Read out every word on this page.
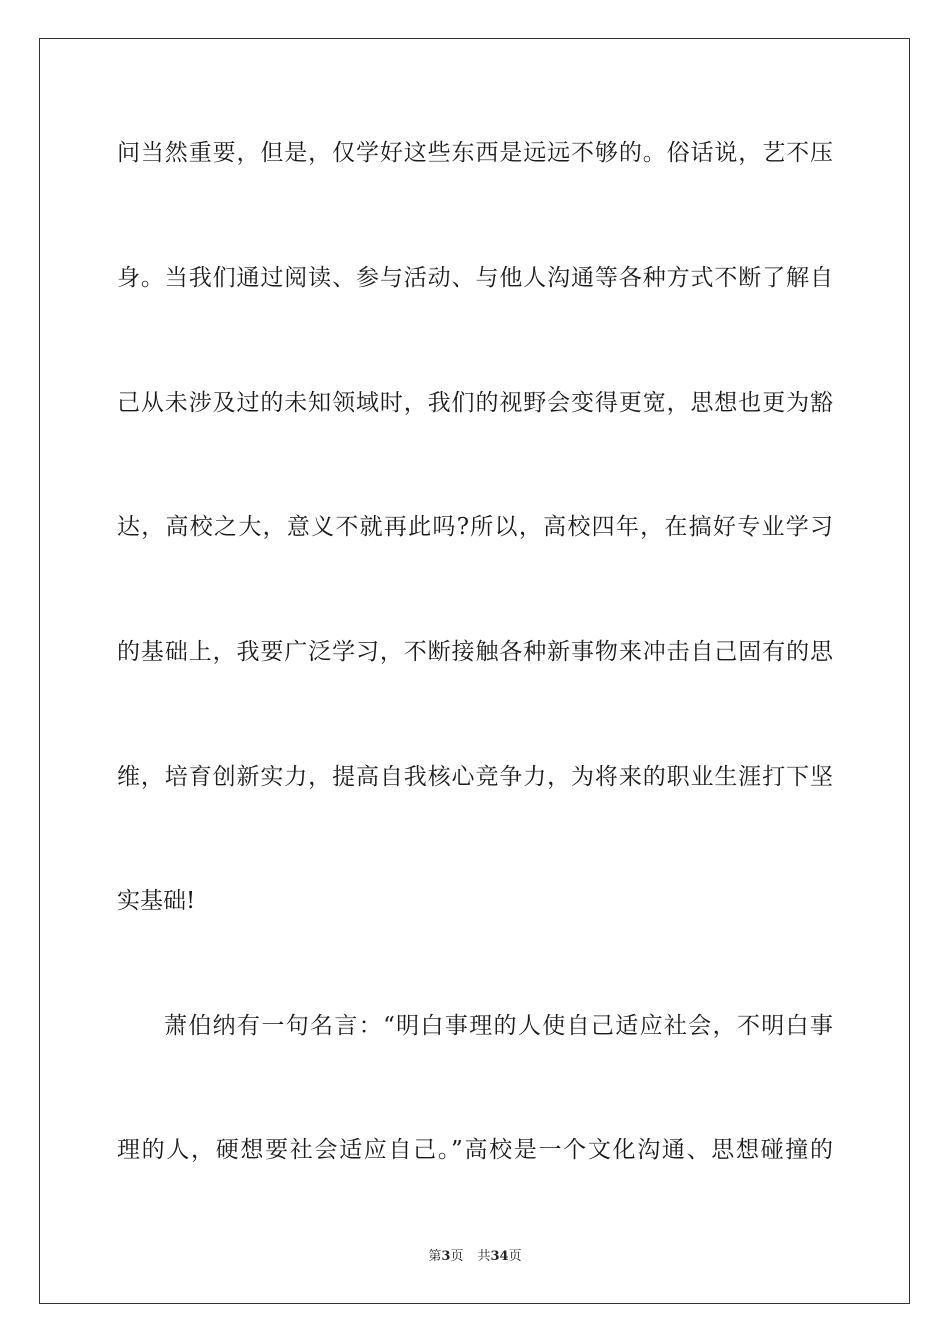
问当然重要，但是，仅学好这些东西是远远不够的。俗话说，艺不压
身。当我们通过阅读、参与活动、与他人沟通等各种方式不断了解自
己从未涉及过的未知领域时，我们的视野会变得更宽，思想也更为豁
达，高校之大，意义不就再此吗?所以，高校四年，在搞好专业学习
的基础上，我要广泛学习，不断接触各种新事物来冲击自己固有的思
维，培育创新实力，提高自我核心竞争力，为将来的职业生涯打下坚
实基础!
萧伯纳有一句名言：“明白事理的人使自己适应社会，不明白事
理的人，硬想要社会适应自己。”高校是一个文化沟通、思想碰撞的
第3页 共34页
